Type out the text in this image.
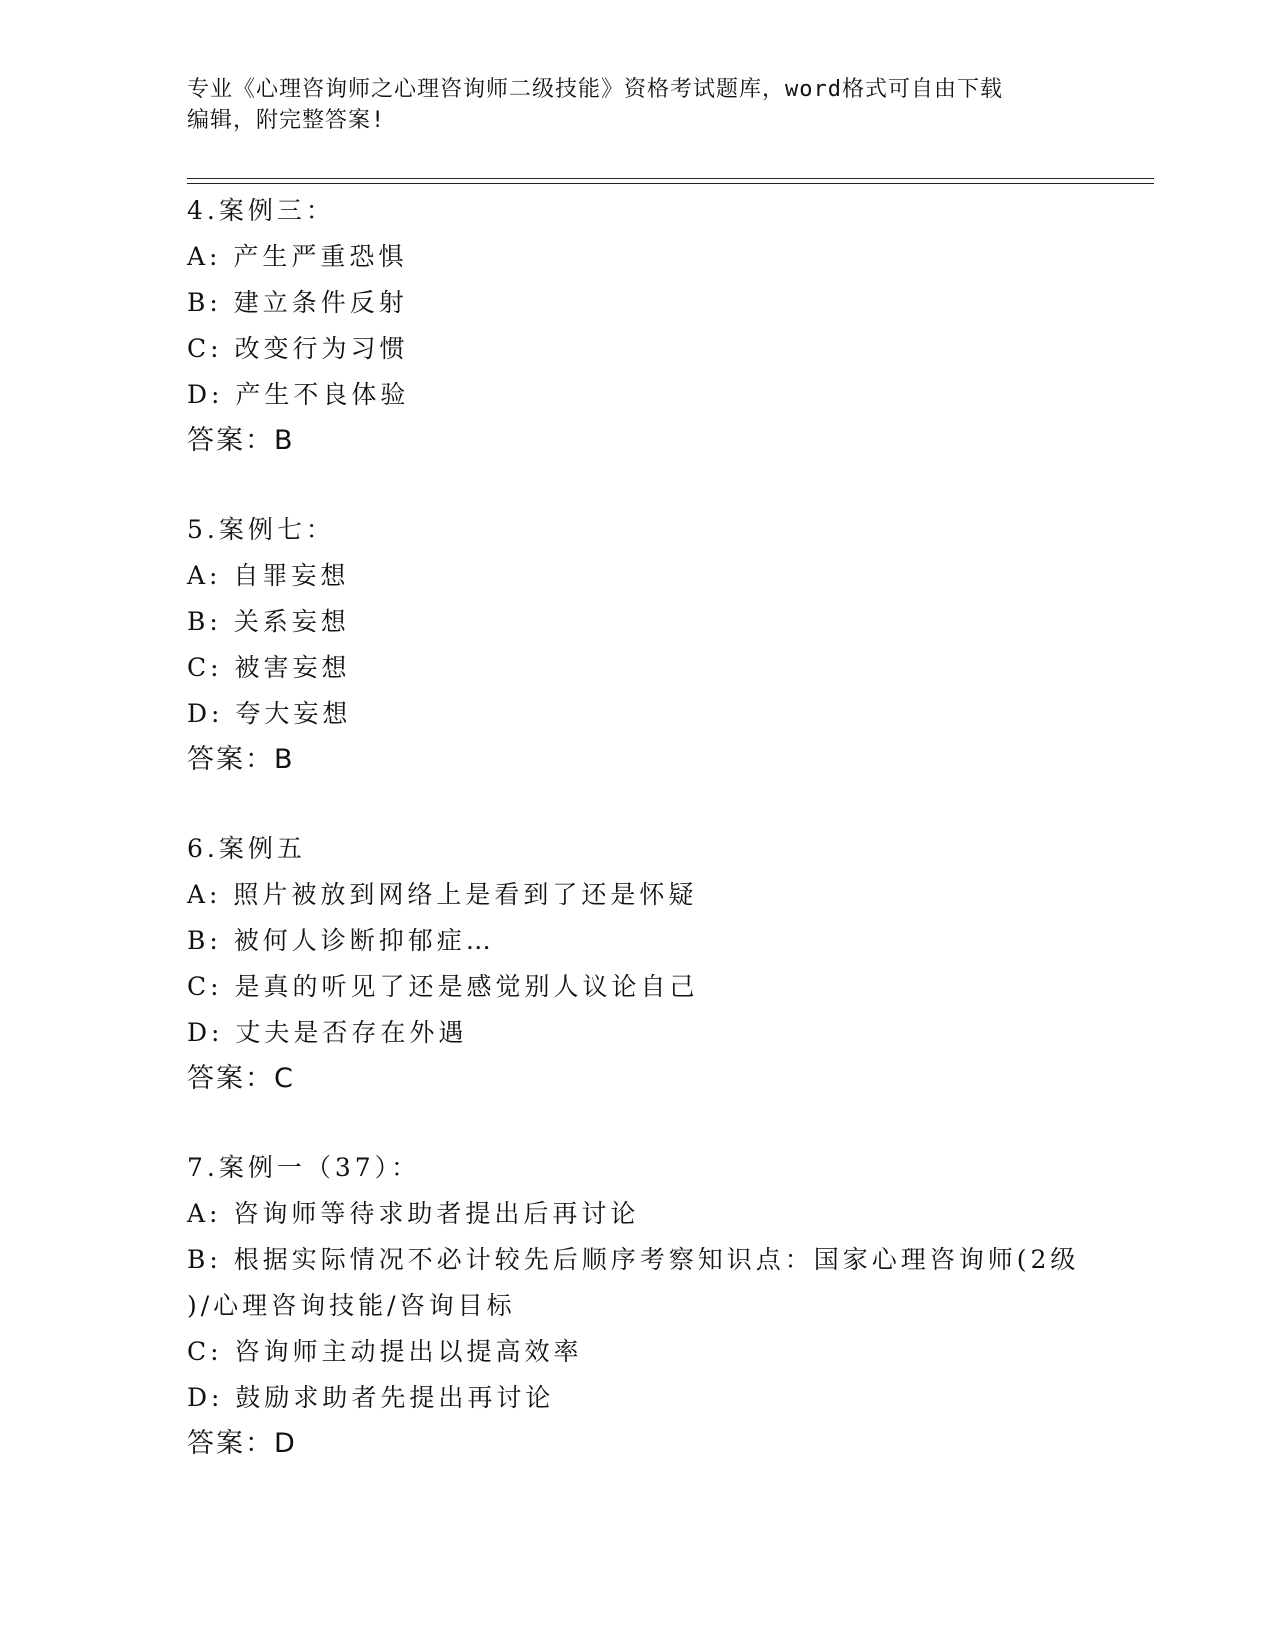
专业《心理咨询师之心理咨询师二级技能》资格考试题库，word格式可自由下载
编辑，附完整答案!
4.案例三：
A: 产生严重恐惧
B: 建立条件反射
C: 改变行为习惯
D: 产生不良体验
答案：B
5.案例七：
A: 自罪妄想
B: 关系妄想
C: 被害妄想
D: 夸大妄想
答案：B
6.案例五
A: 照片被放到网络上是看到了还是怀疑
B: 被何人诊断抑郁症…
C: 是真的听见了还是感觉别人议论自己
D: 丈夫是否存在外遇
答案：C
7.案例一（37）：
A: 咨询师等待求助者提出后再讨论
B: 根据实际情况不必计较先后顺序考察知识点：国家心理咨询师(2级
)/心理咨询技能/咨询目标
C: 咨询师主动提出以提高效率
D: 鼓励求助者先提出再讨论
答案：D
